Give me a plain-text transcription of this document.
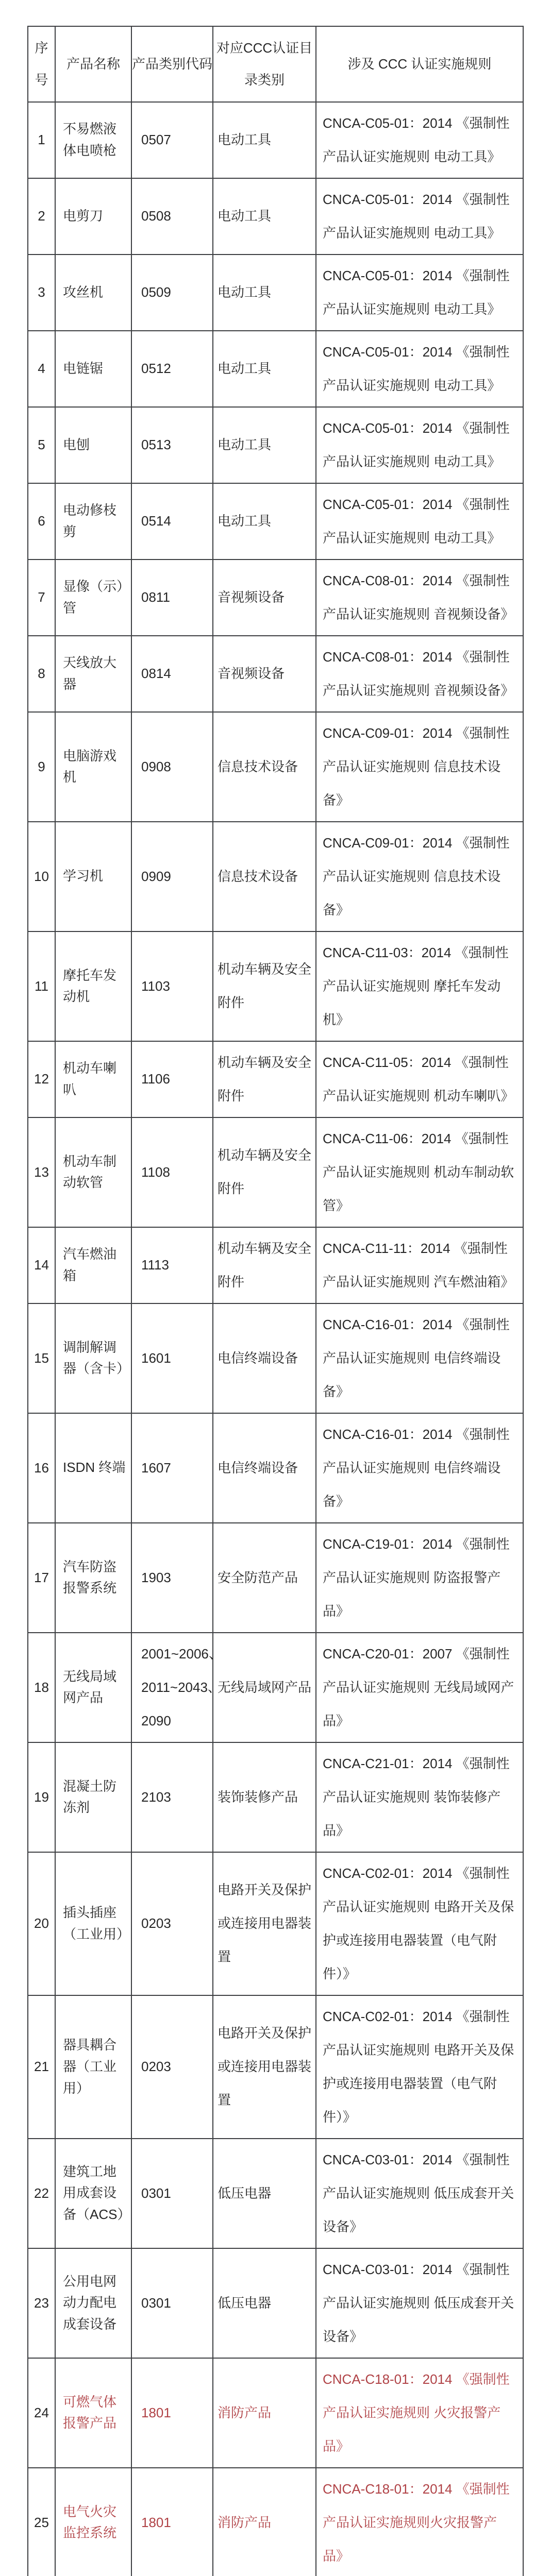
序号	产品名称	产品类别代码	对应CCC认证目录类别	涉及 CCC 认证实施规则
1	不易燃液体电喷枪	0507	电动工具	CNCA-C05-01：2014 《强制性产品认证实施规则 电动工具》
2	电剪刀	0508	电动工具	CNCA-C05-01：2014 《强制性产品认证实施规则 电动工具》
3	攻丝机	0509	电动工具	CNCA-C05-01：2014 《强制性产品认证实施规则 电动工具》
4	电链锯	0512	电动工具	CNCA-C05-01：2014 《强制性产品认证实施规则 电动工具》
5	电刨	0513	电动工具	CNCA-C05-01：2014 《强制性产品认证实施规则 电动工具》
6	电动修枝剪	0514	电动工具	CNCA-C05-01：2014 《强制性产品认证实施规则 电动工具》
7	显像（示）管	0811	音视频设备	CNCA-C08-01：2014 《强制性产品认证实施规则 音视频设备》
8	天线放大器	0814	音视频设备	CNCA-C08-01：2014 《强制性产品认证实施规则 音视频设备》
9	电脑游戏机	0908	信息技术设备	CNCA-C09-01：2014 《强制性产品认证实施规则 信息技术设备》
10	学习机	0909	信息技术设备	CNCA-C09-01：2014 《强制性产品认证实施规则 信息技术设备》
11	摩托车发动机	1103	机动车辆及安全附件	CNCA-C11-03：2014 《强制性产品认证实施规则 摩托车发动机》
12	机动车喇叭	1106	机动车辆及安全附件	CNCA-C11-05：2014 《强制性产品认证实施规则 机动车喇叭》
13	机动车制动软管	1108	机动车辆及安全附件	CNCA-C11-06：2014 《强制性产品认证实施规则 机动车制动软管》
14	汽车燃油箱	1113	机动车辆及安全附件	CNCA-C11-11：2014 《强制性产品认证实施规则 汽车燃油箱》
15	调制解调器（含卡）	1601	电信终端设备	CNCA-C16-01：2014 《强制性产品认证实施规则 电信终端设备》
16	ISDN 终端	1607	电信终端设备	CNCA-C16-01：2014 《强制性产品认证实施规则 电信终端设备》
17	汽车防盗报警系统	1903	安全防范产品	CNCA-C19-01：2014 《强制性产品认证实施规则 防盗报警产品》
18	无线局域网产品	2001~2006、2011~2043、2090	无线局域网产品	CNCA-C20-01：2007 《强制性产品认证实施规则 无线局域网产品》
19	混凝土防冻剂	2103	装饰装修产品	CNCA-C21-01：2014 《强制性产品认证实施规则 装饰装修产品》
20	插头插座（工业用）	0203	电路开关及保护或连接用电器装置	CNCA-C02-01：2014 《强制性产品认证实施规则 电路开关及保护或连接用电器装置（电气附件）》
21	器具耦合器（工业用）	0203	电路开关及保护或连接用电器装置	CNCA-C02-01：2014 《强制性产品认证实施规则 电路开关及保护或连接用电器装置（电气附件）》
22	建筑工地用成套设备（ACS）	0301	低压电器	CNCA-C03-01：2014 《强制性产品认证实施规则 低压成套开关设备》
23	公用电网动力配电成套设备	0301	低压电器	CNCA-C03-01：2014 《强制性产品认证实施规则 低压成套开关设备》
24	可燃气体报警产品	1801	消防产品	CNCA-C18-01：2014 《强制性产品认证实施规则 火灾报警产品》
25	电气火灾监控系统	1801	消防产品	CNCA-C18-01：2014 《强制性产品认证实施规则火灾报警产品》
